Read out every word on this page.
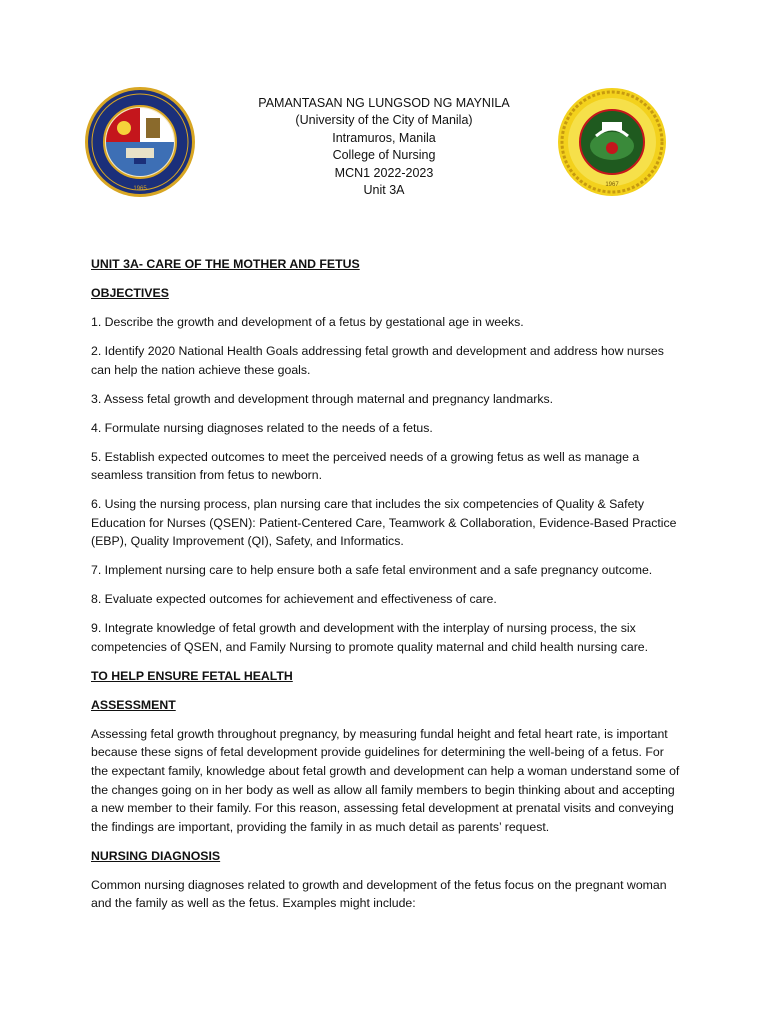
1965
PAMANTASAN NG LUNGSOD NG MAYNILA
(University of the City of Manila)
Intramuros, Manila
College of Nursing
MCN1 2022-2023
Unit 3A	1967

UNIT 3A- CARE OF THE MOTHER AND FETUS

OBJECTIVES

1. Describe the growth and development of a fetus by gestational age in weeks.

2. Identify 2020 National Health Goals addressing fetal growth and development and address how nurses can help the nation achieve these goals.

3. Assess fetal growth and development through maternal and pregnancy landmarks.

4. Formulate nursing diagnoses related to the needs of a fetus.

5. Establish expected outcomes to meet the perceived needs of a growing fetus as well as manage a seamless transition from fetus to newborn.

6. Using the nursing process, plan nursing care that includes the six competencies of Quality & Safety Education for Nurses (QSEN): Patient-Centered Care, Teamwork & Collaboration, Evidence-Based Practice (EBP), Quality Improvement (QI), Safety, and Informatics.

7. Implement nursing care to help ensure both a safe fetal environment and a safe pregnancy outcome.

8. Evaluate expected outcomes for achievement and effectiveness of care.

9. Integrate knowledge of fetal growth and development with the interplay of nursing process, the six competencies of QSEN, and Family Nursing to promote quality maternal and child health nursing care.

TO HELP ENSURE FETAL HEALTH

ASSESSMENT

Assessing fetal growth throughout pregnancy, by measuring fundal height and fetal heart rate, is important because these signs of fetal development provide guidelines for determining the well-being of a fetus. For the expectant family, knowledge about fetal growth and development can help a woman understand some of the changes going on in her body as well as allow all family members to begin thinking about and accepting a new member to their family. For this reason, assessing fetal development at prenatal visits and conveying the findings are important, providing the family in as much detail as parents’ request.

NURSING DIAGNOSIS

Common nursing diagnoses related to growth and development of the fetus focus on the pregnant woman and the family as well as the fetus. Examples might include:
